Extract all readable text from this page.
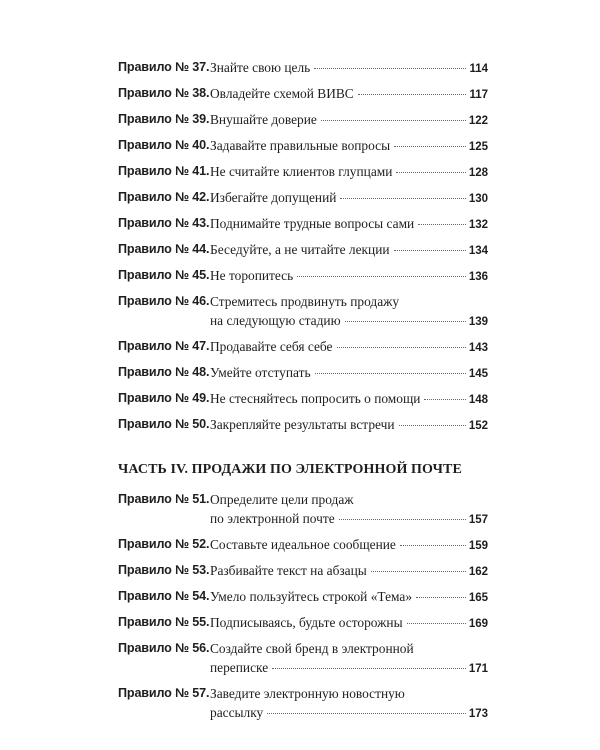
Правило № 37. Знайте свою цель	114
Правило № 38. Овладейте схемой ВИВС	117
Правило № 39. Внушайте доверие	122
Правило № 40. Задавайте правильные вопросы	125
Правило № 41. Не считайте клиентов глупцами	128
Правило № 42. Избегайте допущений	130
Правило № 43. Поднимайте трудные вопросы сами	132
Правило № 44. Беседуйте, а не читайте лекции	134
Правило № 45. Не торопитесь	136
Правило № 46. Стремитесь продвинуть продажу
на следующую стадию	139
Правило № 47. Продавайте себя себе	143
Правило № 48. Умейте отступать	145
Правило № 49. Не стесняйтесь попросить о помощи	148
Правило № 50. Закрепляйте результаты встречи	152
ЧАСТЬ IV. ПРОДАЖИ ПО ЭЛЕКТРОННОЙ ПОЧТЕ
Правило № 51. Определите цели продаж
по электронной почте	157
Правило № 52. Составьте идеальное сообщение	159
Правило № 53. Разбивайте текст на абзацы	162
Правило № 54. Умело пользуйтесь строкой «Тема»	165
Правило № 55. Подписываясь, будьте осторожны	169
Правило № 56. Создайте свой бренд в электронной
переписке	171
Правило № 57. Заведите электронную новостную
рассылку	173
